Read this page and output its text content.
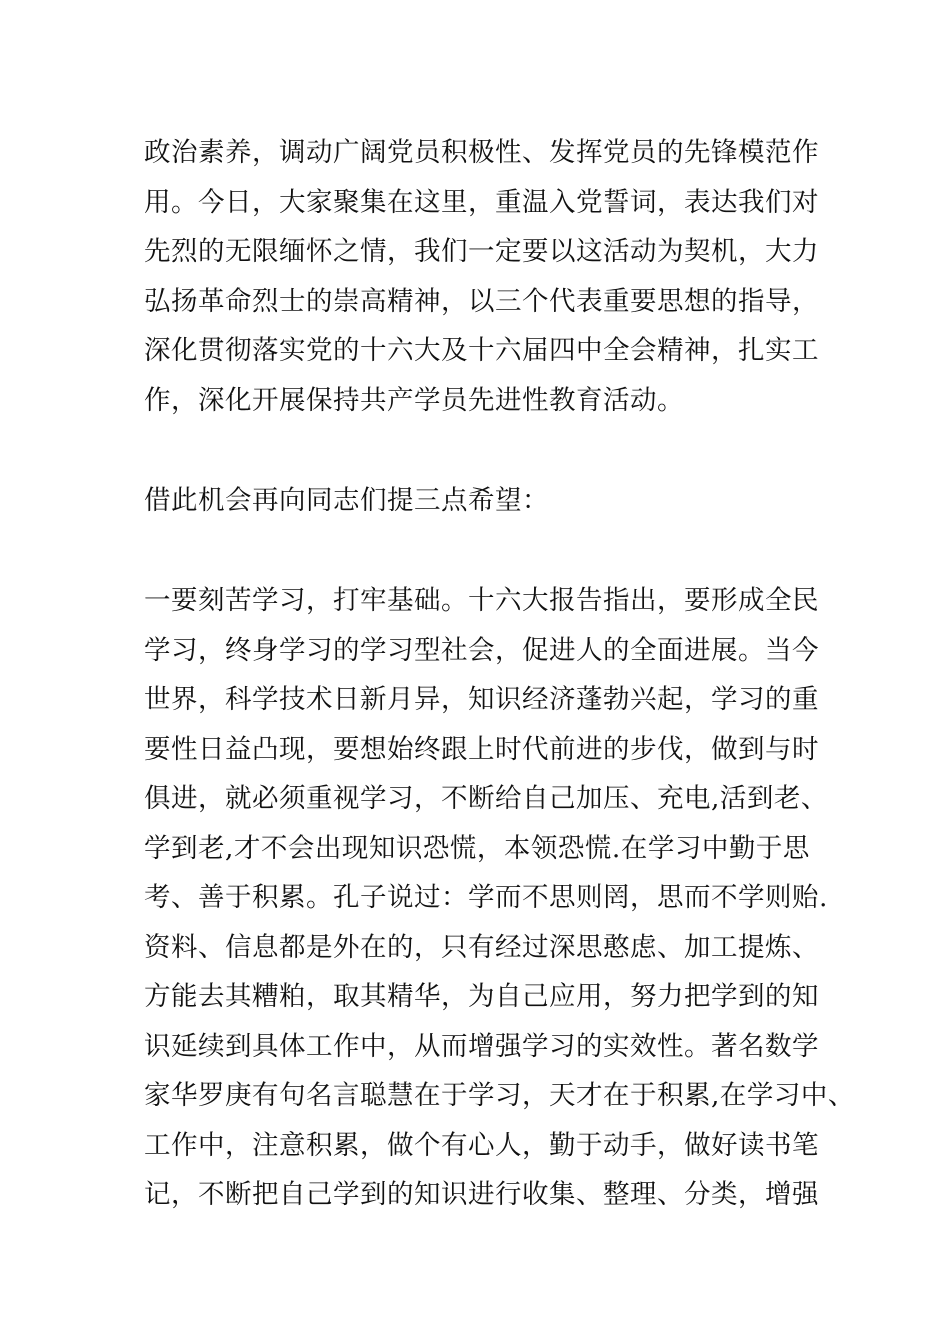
政治素养，调动广阔党员积极性、发挥党员的先锋模范作
用。今日，大家聚集在这里，重温入党誓词，表达我们对
先烈的无限缅怀之情，我们一定要以这活动为契机，大力
弘扬革命烈士的崇高精神，以三个代表重要思想的指导，
深化贯彻落实党的十六大及十六届四中全会精神，扎实工
作，深化开展保持共产学员先进性教育活动。
借此机会再向同志们提三点希望：
一要刻苦学习，打牢基础。十六大报告指出，要形成全民
学习，终身学习的学习型社会，促进人的全面进展。当今
世界，科学技术日新月异，知识经济蓬勃兴起，学习的重
要性日益凸现，要想始终跟上时代前进的步伐，做到与时
俱进，就必须重视学习，不断给自己加压、充电,活到老、
学到老,才不会出现知识恐慌，本领恐慌.在学习中勤于思
考、善于积累。孔子说过：学而不思则罔，思而不学则贻.
资料、信息都是外在的，只有经过深思憨虑、加工提炼、
方能去其糟粕，取其精华，为自己应用，努力把学到的知
识延续到具体工作中，从而增强学习的实效性。著名数学
家华罗庚有句名言聪慧在于学习，天才在于积累,在学习中、
工作中，注意积累，做个有心人，勤于动手，做好读书笔
记，不断把自己学到的知识进行收集、整理、分类，增强
